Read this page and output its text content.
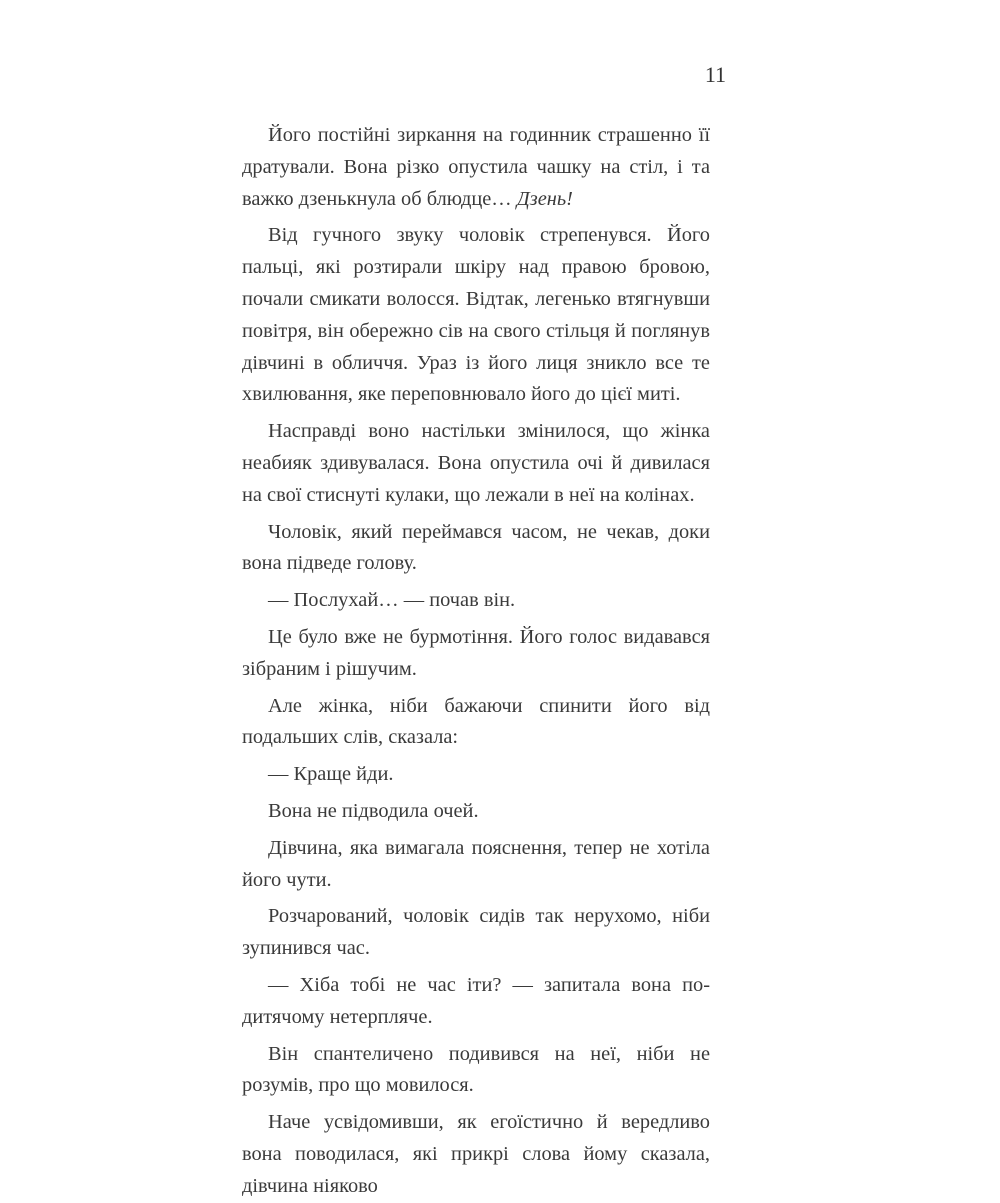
11

Його постійні зиркання на годинник страшенно її дратували. Вона різко опустила чашку на стіл, і та важко дзенькнула об блюдце… Дзень!

Від гучного звуку чоловік стрепенувся. Його пальці, які розтирали шкіру над правою бровою, почали смикати волосся. Відтак, легенько втягнувши повітря, він обережно сів на свого стільця й поглянув дівчині в обличчя. Ураз із його лиця зникло все те хвилювання, яке переповнювало його до цієї миті.

Насправді воно настільки змінилося, що жінка неабияк здивувалася. Вона опустила очі й дивилася на свої стиснуті кулаки, що лежали в неї на колінах.

Чоловік, який переймався часом, не чекав, доки вона підведе голову.

— Послухай… — почав він.

Це було вже не бурмотіння. Його голос видавався зібраним і рішучим.

Але жінка, ніби бажаючи спинити його від подальших слів, сказала:

— Краще йди.

Вона не підводила очей.

Дівчина, яка вимагала пояснення, тепер не хотіла його чути.

Розчарований, чоловік сидів так нерухомо, ніби зупинився час.

— Хіба тобі не час іти? — запитала вона по-дитячому нетерпляче.

Він спантеличено подивився на неї, ніби не розумів, про що мовилося.

Наче усвідомивши, як егоїстично й вередливо вона поводилася, які прикрі слова йому сказала, дівчина ніяково
